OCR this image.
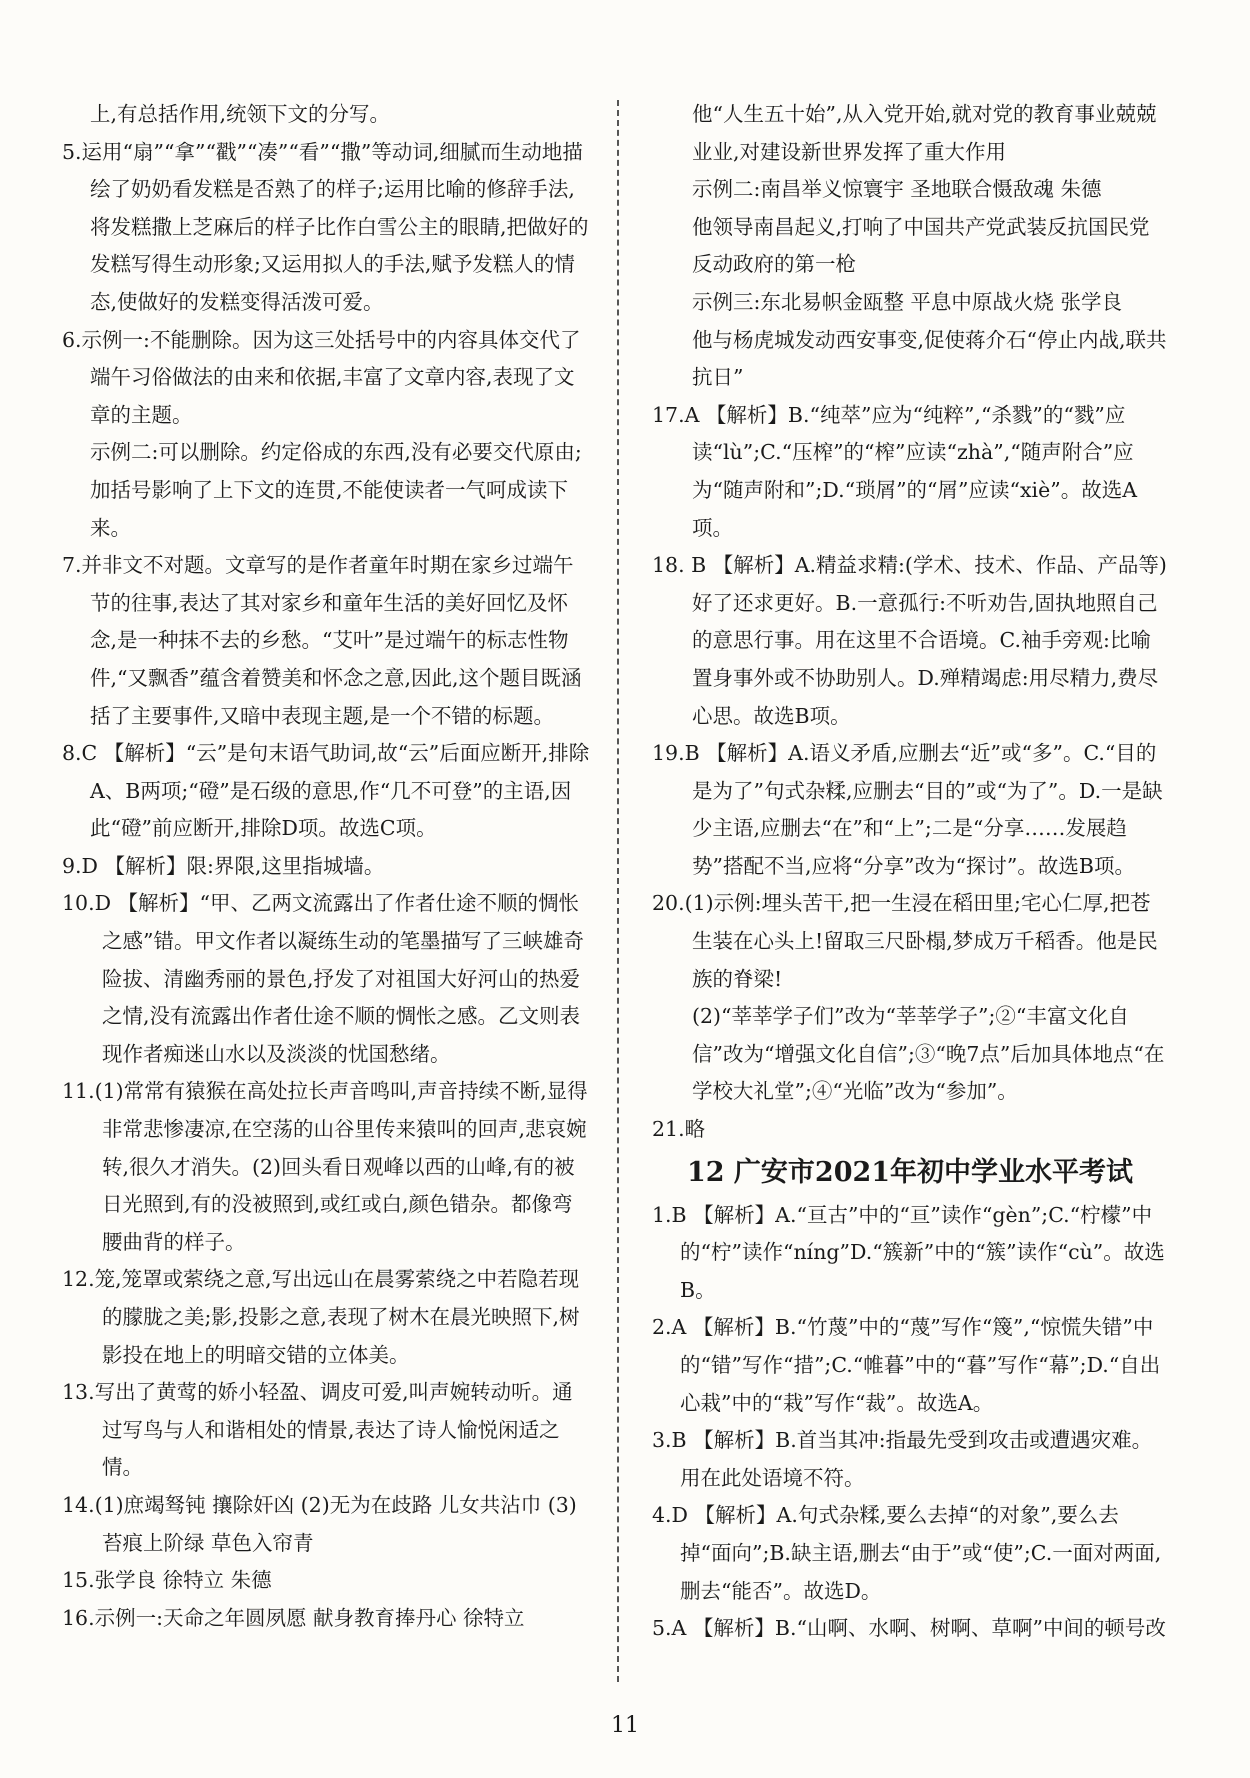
上,有总括作用,统领下文的分写。

5.运用“扇”“拿”“戳”“凑”“看”“撒”等动词,细腻而生动地描绘了奶奶看发糕是否熟了的样子;运用比喻的修辞手法,将发糕撒上芝麻后的样子比作白雪公主的眼睛,把做好的发糕写得生动形象;又运用拟人的手法,赋予发糕人的情态,使做好的发糕变得活泼可爱。

6.示例一:不能删除。因为这三处括号中的内容具体交代了端午习俗做法的由来和依据,丰富了文章内容,表现了文章的主题。

示例二:可以删除。约定俗成的东西,没有必要交代原由;加括号影响了上下文的连贯,不能使读者一气呵成读下来。

7.并非文不对题。文章写的是作者童年时期在家乡过端午节的往事,表达了其对家乡和童年生活的美好回忆及怀念,是一种抹不去的乡愁。“艾叶”是过端午的标志性物件,“又飘香”蕴含着赞美和怀念之意,因此,这个题目既涵括了主要事件,又暗中表现主题,是一个不错的标题。

8.C 【解析】“云”是句末语气助词,故“云”后面应断开,排除A、B两项;“磴”是石级的意思,作“几不可登”的主语,因此“磴”前应断开,排除D项。故选C项。

9.D 【解析】限:界限,这里指城墙。

10.D 【解析】“甲、乙两文流露出了作者仕途不顺的惆怅之感”错。甲文作者以凝练生动的笔墨描写了三峡雄奇险拔、清幽秀丽的景色,抒发了对祖国大好河山的热爱之情,没有流露出作者仕途不顺的惆怅之感。乙文则表现作者痴迷山水以及淡淡的忧国愁绪。

11.(1)常常有猿猴在高处拉长声音鸣叫,声音持续不断,显得非常悲惨凄凉,在空荡的山谷里传来猿叫的回声,悲哀婉转,很久才消失。(2)回头看日观峰以西的山峰,有的被日光照到,有的没被照到,或红或白,颜色错杂。都像弯腰曲背的样子。

12.笼,笼罩或萦绕之意,写出远山在晨雾萦绕之中若隐若现的朦胧之美;影,投影之意,表现了树木在晨光映照下,树影投在地上的明暗交错的立体美。

13.写出了黄莺的娇小轻盈、调皮可爱,叫声婉转动听。通过写鸟与人和谐相处的情景,表达了诗人愉悦闲适之情。

14.(1)庶竭驽钝 攘除奸凶 (2)无为在歧路 儿女共沾巾 (3)苔痕上阶绿 草色入帘青

15.张学良 徐特立 朱德

16.示例一:天命之年圆夙愿 献身教育捧丹心 徐特立

他“人生五十始”,从入党开始,就对党的教育事业兢兢业业,对建设新世界发挥了重大作用

示例二:南昌举义惊寰宇 圣地联合慑敌魂 朱德

他领导南昌起义,打响了中国共产党武装反抗国民党反动政府的第一枪

示例三:东北易帜金瓯整 平息中原战火烧 张学良

他与杨虎城发动西安事变,促使蒋介石“停止内战,联共抗日”

17.A 【解析】B.“纯萃”应为“纯粹”,“杀戮”的“戮”应读“lù”;C.“压榨”的“榨”应读“zhà”,“随声附合”应为“随声附和”;D.“琐屑”的“屑”应读“xiè”。故选A项。

18. B 【解析】A.精益求精:(学术、技术、作品、产品等)好了还求更好。B.一意孤行:不听劝告,固执地照自己的意思行事。用在这里不合语境。C.袖手旁观:比喻置身事外或不协助别人。D.殚精竭虑:用尽精力,费尽心思。故选B项。

19.B 【解析】A.语义矛盾,应删去“近”或“多”。C.“目的是为了”句式杂糅,应删去“目的”或“为了”。D.一是缺少主语,应删去“在”和“上”;二是“分享……发展趋势”搭配不当,应将“分享”改为“探讨”。故选B项。

20.(1)示例:埋头苦干,把一生浸在稻田里;宅心仁厚,把苍生装在心头上!留取三尺卧榻,梦成万千稻香。他是民族的脊梁!

(2)“莘莘学子们”改为“莘莘学子”;②“丰富文化自信”改为“增强文化自信”;③“晚7点”后加具体地点“在学校大礼堂”;④“光临”改为“参加”。

21.略

12 广安市2021年初中学业水平考试

1.B 【解析】A.“亘古”中的“亘”读作“gèn”;C.“柠檬”中的“柠”读作“níng”D.“簇新”中的“簇”读作“cù”。故选B。

2.A 【解析】B.“竹蔑”中的“蔑”写作“篾”,“惊慌失错”中的“错”写作“措”;C.“帷暮”中的“暮”写作“幕”;D.“自出心栽”中的“栽”写作“裁”。故选A。

3.B 【解析】B.首当其冲:指最先受到攻击或遭遇灾难。用在此处语境不符。

4.D 【解析】A.句式杂糅,要么去掉“的对象”,要么去掉“面向”;B.缺主语,删去“由于”或“使”;C.一面对两面,删去“能否”。故选D。

5.A 【解析】B.“山啊、水啊、树啊、草啊”中间的顿号改

11
